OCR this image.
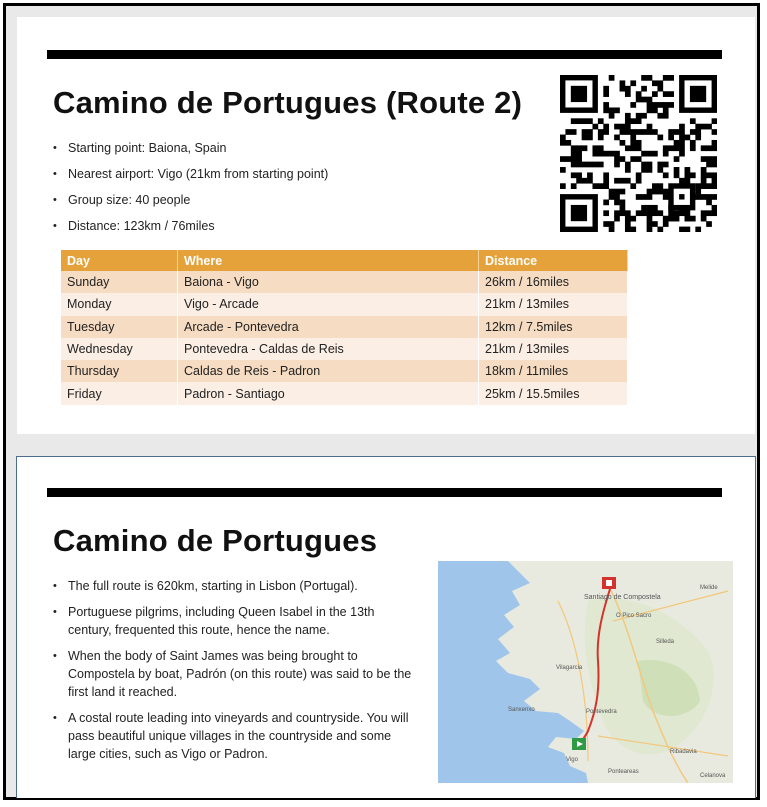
Camino de Portugues (Route 2)
• Starting point: Baiona, Spain
• Nearest airport: Vigo (21km from starting point)
• Group size: 40 people
• Distance: 123km / 76miles
Day	Where	Distance
Sunday	Baiona - Vigo	26km / 16miles
Monday	Vigo - Arcade	21km / 13miles
Tuesday	Arcade - Pontevedra	12km / 7.5miles
Wednesday	Pontevedra - Caldas de Reis	21km / 13miles
Thursday	Caldas de Reis - Padron	18km / 11miles
Friday	Padron - Santiago	25km / 15.5miles
Camino de Portugues
• The full route is 620km, starting in Lisbon (Portugal).
• Portuguese pilgrims, including Queen Isabel in the 13th century, frequented this route, hence the name.
• When the body of Saint James was being brought to Compostela by boat, Padrón (on this route) was said to be the first land it reached.
• A costal route leading into vineyards and countryside. You will pass beautiful unique villages in the countryside and some large cities, such as Vigo or Padron.
Santiago de Compostela
O Pico Sacro
Melide
Silleda
Vilagarcia
Sanxenxo	Pontevedra
Vigo
Ribadavia
Ponteareas
Celanova
